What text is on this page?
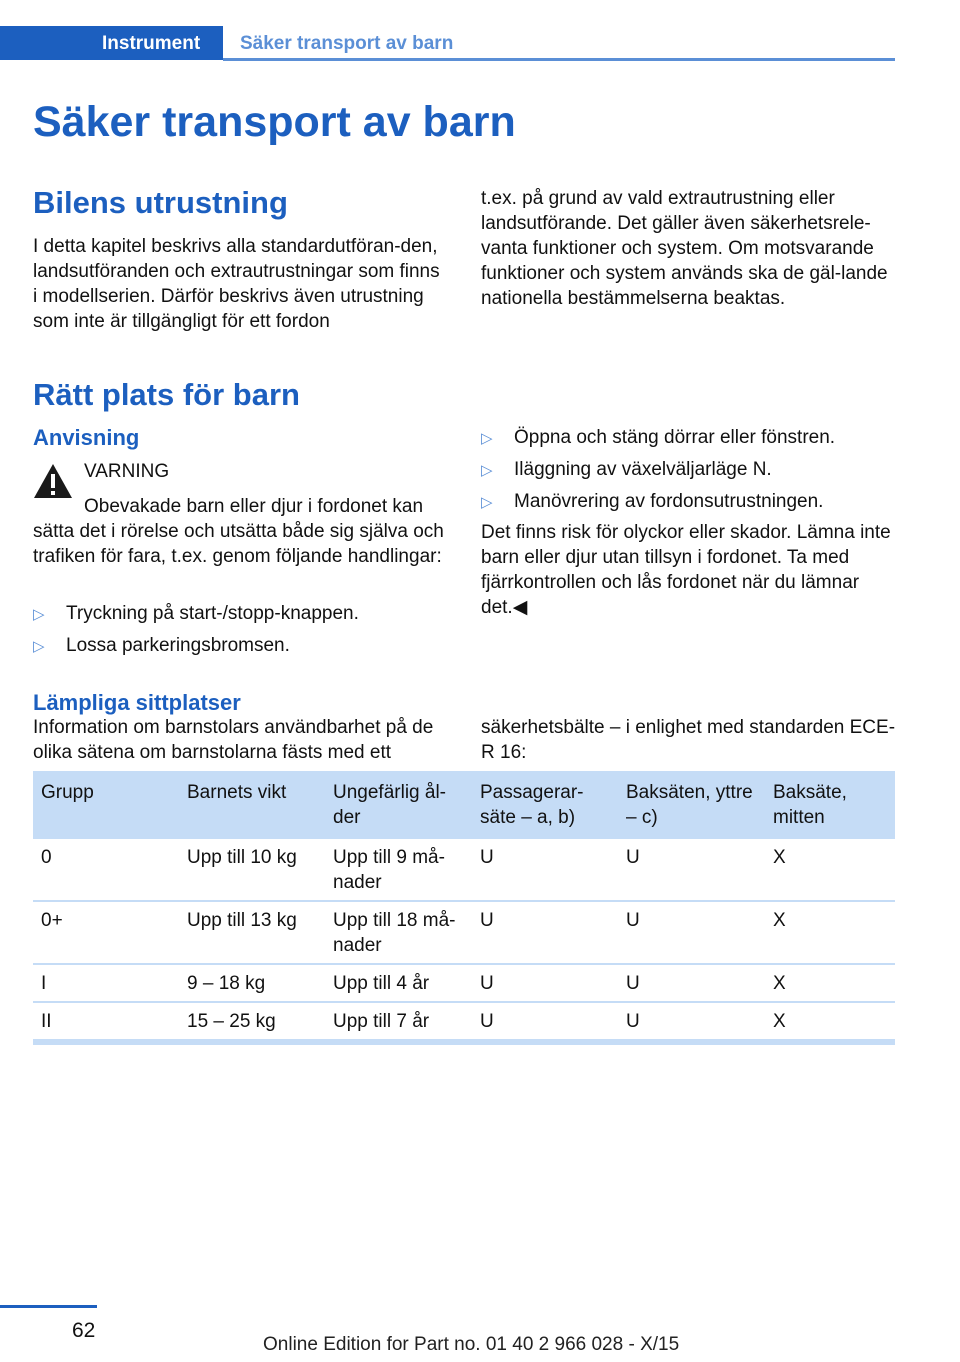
Instrument Säker transport av barn
Säker transport av barn
Bilens utrustning

I detta kapitel beskrivs alla standardutföran-den, landsutföranden och extrautrustningar som finns i modellserien. Därför beskrivs även utrustning som inte är tillgängligt för ett fordon

t.ex. på grund av vald extrautrustning eller landsutförande. Det gäller även säkerhetsrele-vanta funktioner och system. Om motsvarande funktioner och system används ska de gäl-lande nationella bestämmelserna beaktas.

Rätt plats för barn
Anvisning
VARNING

Obevakade barn eller djur i fordonet kan sätta det i rörelse och utsätta både sig själva och trafiken för fara, t.ex. genom följande handlingar:

▷ Tryckning på start-/stopp-knappen.
▷ Lossa parkeringsbromsen.
▷ Öppna och stäng dörrar eller fönstren.
▷ Iläggning av växelväljarläge N.
▷ Manövrering av fordonsutrustningen.

Det finns risk för olyckor eller skador. Lämna inte barn eller djur utan tillsyn i fordonet. Ta med fjärrkontrollen och lås fordonet när du lämnar det.◀

Lämpliga sittplatser

Information om barnstolars användbarhet på de olika sätena om barnstolarna fästs med ett

säkerhetsbälte – i enlighet med standarden ECE-R 16:

Grupp	Barnets vikt	Ungefärlig ål-der	Passagerar-säte – a, b)	Baksäten, yttre – c)	Baksäte, mitten
0	Upp till 10 kg	Upp till 9 må-nader	U	U	X
0+	Upp till 13 kg	Upp till 18 må-nader	U	U	X
I	9 – 18 kg	Upp till 4 år	U	U	X
II	15 – 25 kg	Upp till 7 år	U	U	X
62
Online Edition for Part no. 01 40 2 966 028 - X/15
